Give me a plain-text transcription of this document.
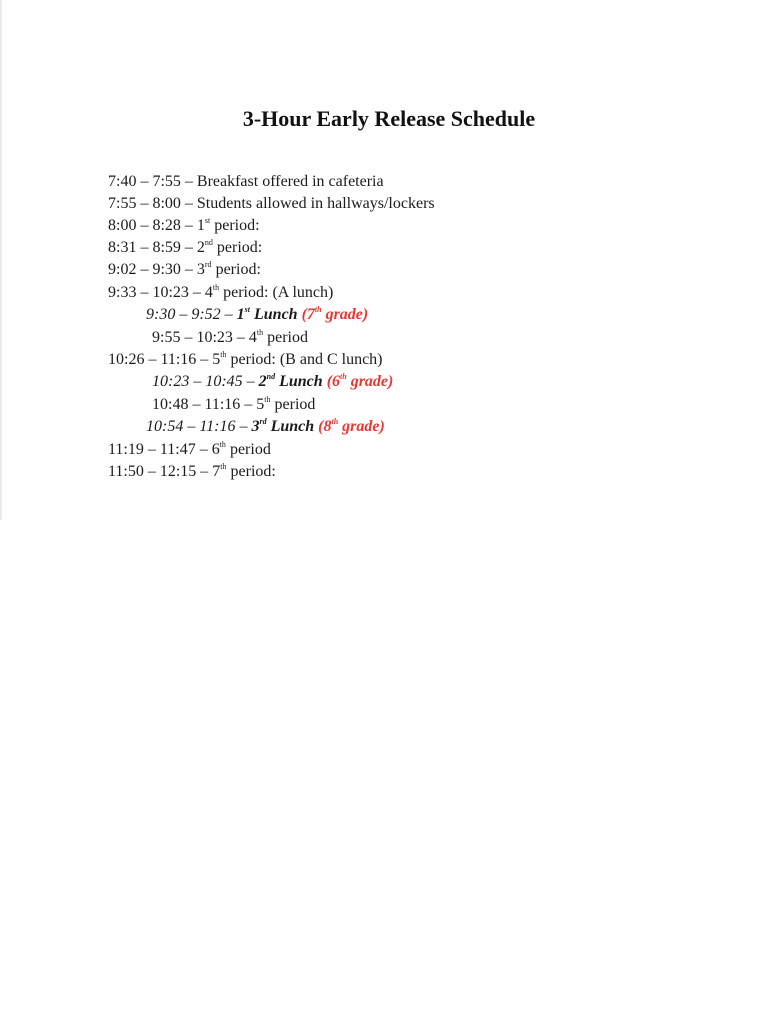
3-Hour Early Release Schedule
7:40 – 7:55 – Breakfast offered in cafeteria
7:55 – 8:00 – Students allowed in hallways/lockers
8:00 – 8:28 – 1st period:
8:31 – 8:59 – 2nd period:
9:02 – 9:30 – 3rd period:
9:33 – 10:23 – 4th period: (A lunch)
9:30 – 9:52 – 1st Lunch (7th grade)
9:55 – 10:23 – 4th period
10:26 – 11:16 – 5th period: (B and C lunch)
10:23 – 10:45 – 2nd Lunch (6th grade)
10:48 – 11:16 – 5th period
10:54 – 11:16 – 3rd Lunch (8th grade)
11:19 – 11:47 – 6th period
11:50 – 12:15 – 7th period:
